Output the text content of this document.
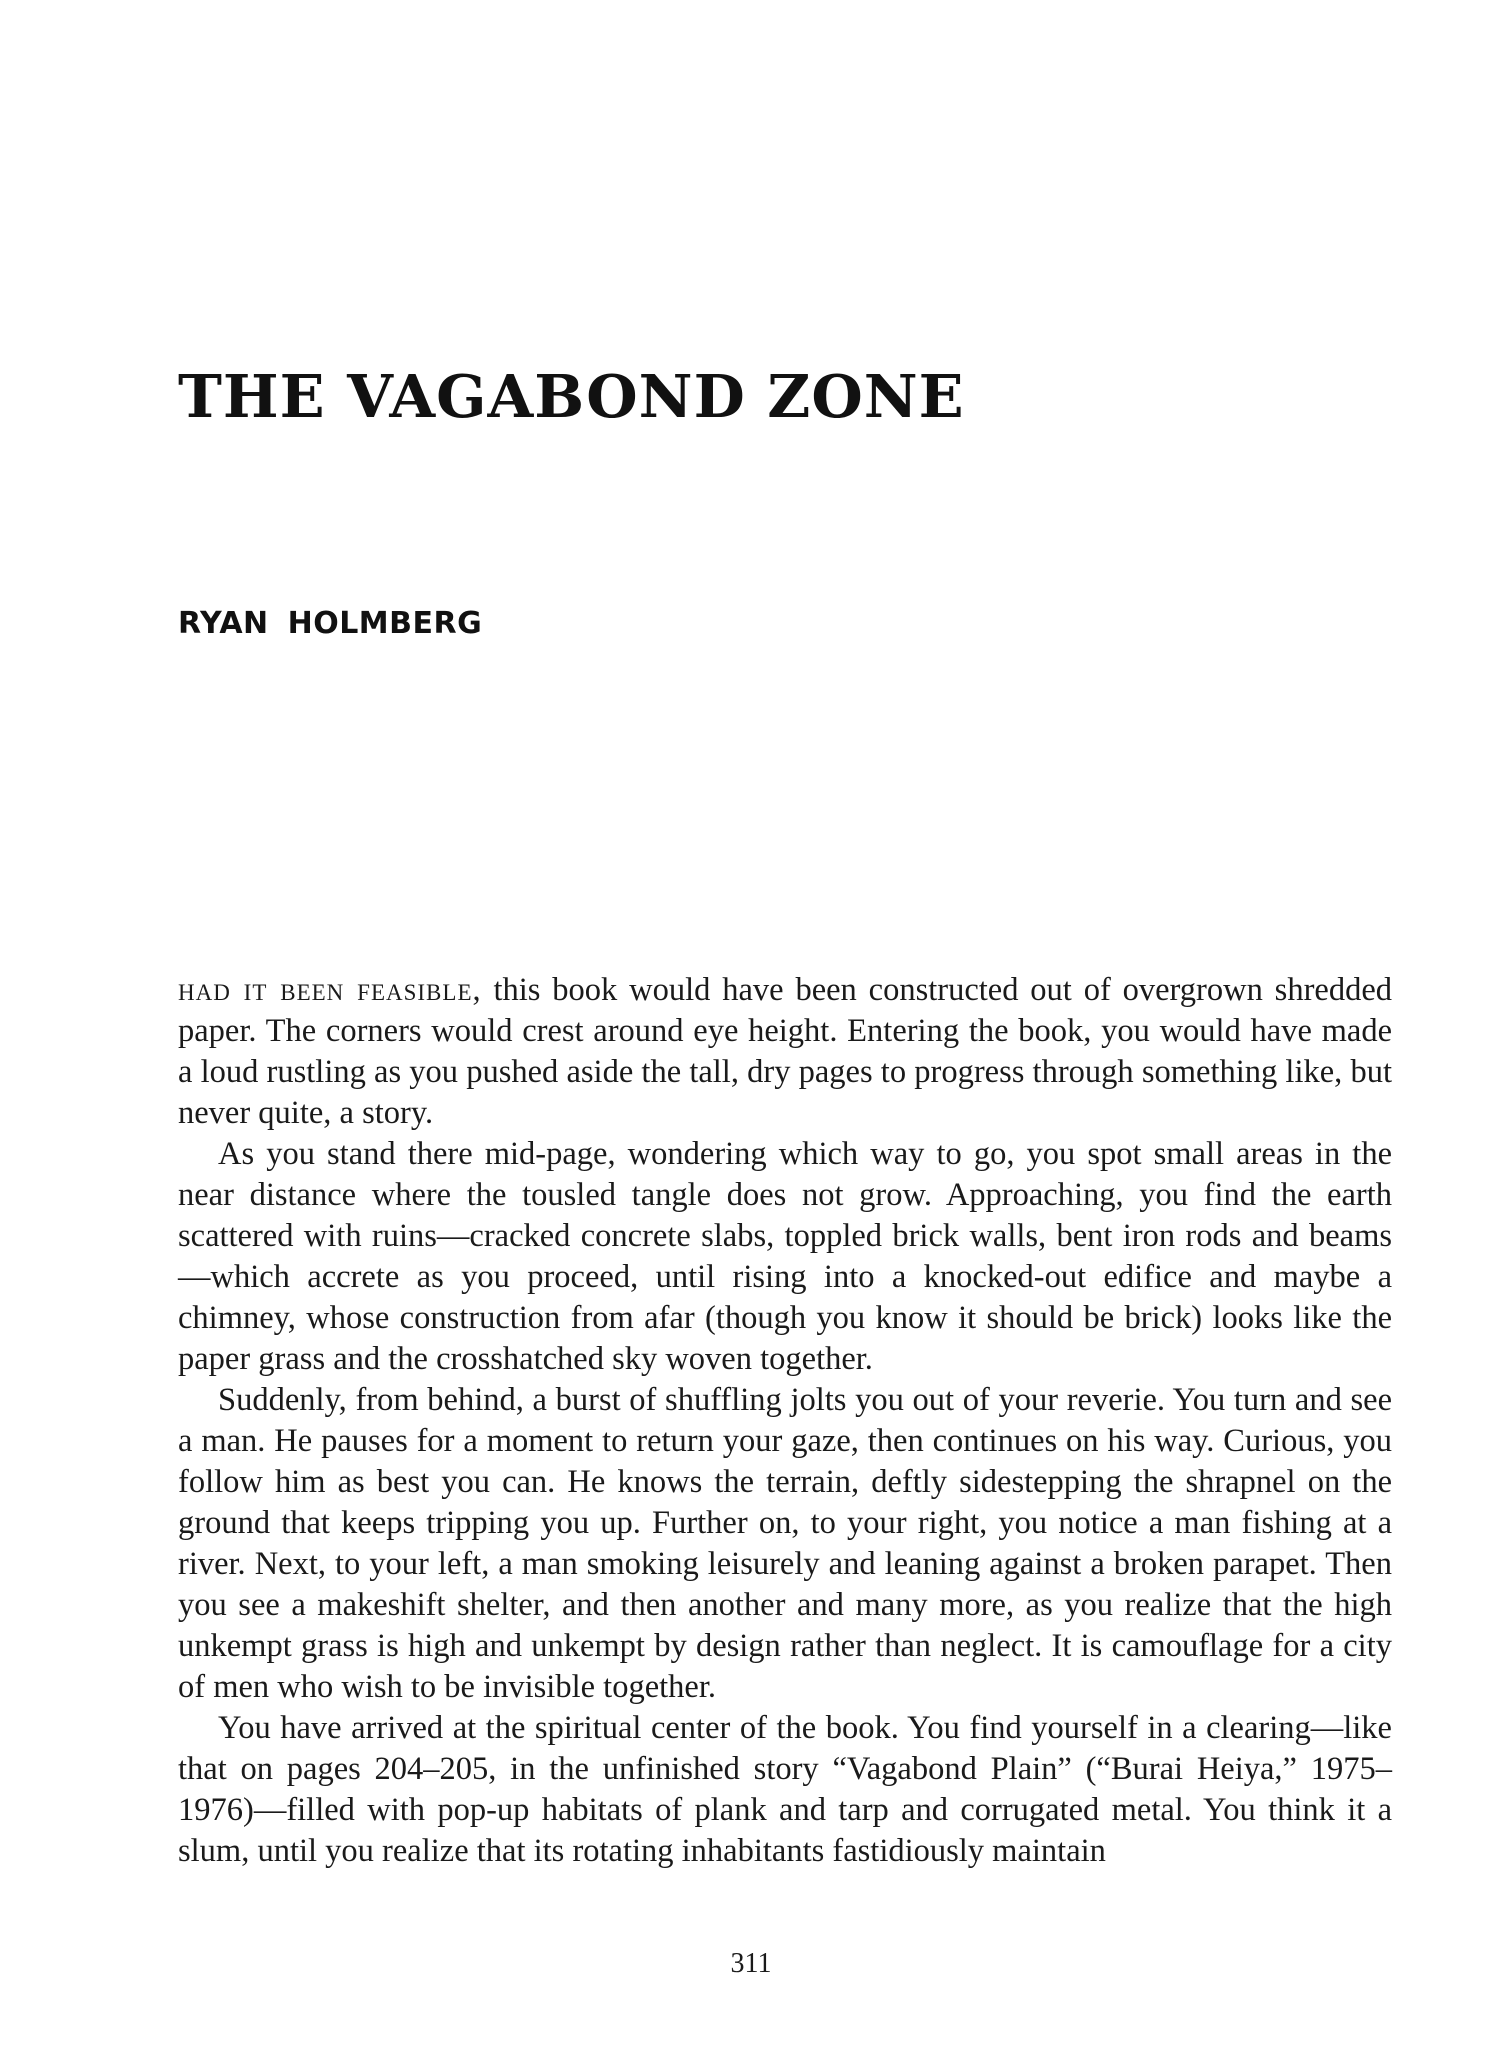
THE VAGABOND ZONE
RYAN HOLMBERG

had it been feasible, this book would have been constructed out of overgrown shredded paper. The corners would crest around eye height. Entering the book, you would have made a loud rustling as you pushed aside the tall, dry pages to progress through something like, but never quite, a story.

As you stand there mid-page, wondering which way to go, you spot small areas in the near distance where the tousled tangle does not grow. Approaching, you find the earth scattered with ruins—cracked concrete slabs, toppled brick walls, bent iron rods and beams—which accrete as you proceed, until rising into a knocked-out edifice and maybe a chimney, whose construction from afar (though you know it should be brick) looks like the paper grass and the crosshatched sky woven together.

Suddenly, from behind, a burst of shuffling jolts you out of your reverie. You turn and see a man. He pauses for a moment to return your gaze, then continues on his way. Curious, you follow him as best you can. He knows the terrain, deftly sidestepping the shrapnel on the ground that keeps tripping you up. Further on, to your right, you notice a man fishing at a river. Next, to your left, a man smoking leisurely and leaning against a broken parapet. Then you see a makeshift shelter, and then another and many more, as you realize that the high unkempt grass is high and unkempt by design rather than neglect. It is camouflage for a city of men who wish to be invisible together.

You have arrived at the spiritual center of the book. You find yourself in a clearing—like that on pages 204–205, in the unfinished story “Vagabond Plain” (“Burai Heiya,” 1975–1976)—filled with pop-up habitats of plank and tarp and corrugated metal. You think it a slum, until you realize that its rotating inhabitants fastidiously maintain

311
